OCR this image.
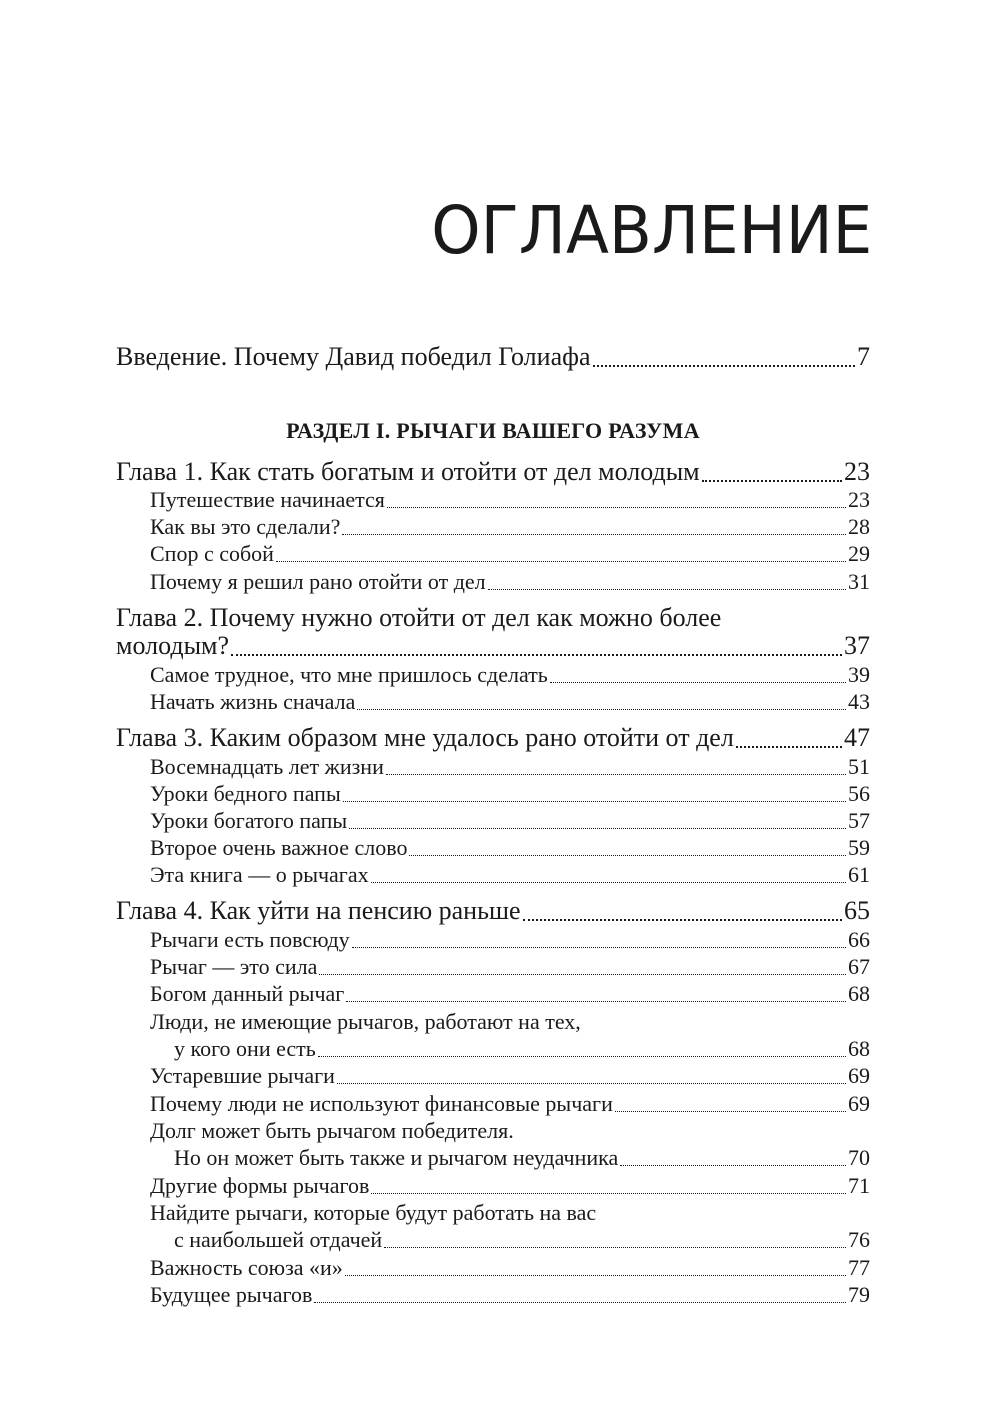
ОГЛАВЛЕНИЕ
Введение. Почему Давид победил Голиафа	7
РАЗДЕЛ I. РЫЧАГИ ВАШЕГО РАЗУМА
Глава 1. Как стать богатым и отойти от дел молодым	23
Путешествие начинается	23
Как вы это сделали?	28
Спор с собой	29
Почему я решил рано отойти от дел	31
Глава 2. Почему нужно отойти от дел как можно более
молодым?	37
Самое трудное, что мне пришлось сделать	39
Начать жизнь сначала	43
Глава 3. Каким образом мне удалось рано отойти от дел	47
Восемнадцать лет жизни	51
Уроки бедного папы	56
Уроки богатого папы	57
Второе очень важное слово	59
Эта книга — о рычагах	61
Глава 4. Как уйти на пенсию раньше	65
Рычаги есть повсюду	66
Рычаг — это сила	67
Богом данный рычаг	68
Люди, не имеющие рычагов, работают на тех,
у кого они есть	68
Устаревшие рычаги	69
Почему люди не используют финансовые рычаги	69
Долг может быть рычагом победителя.
Но он может быть также и рычагом неудачника	70
Другие формы рычагов	71
Найдите рычаги, которые будут работать на вас
с наибольшей отдачей	76
Важность союза «и»	77
Будущее рычагов	79
